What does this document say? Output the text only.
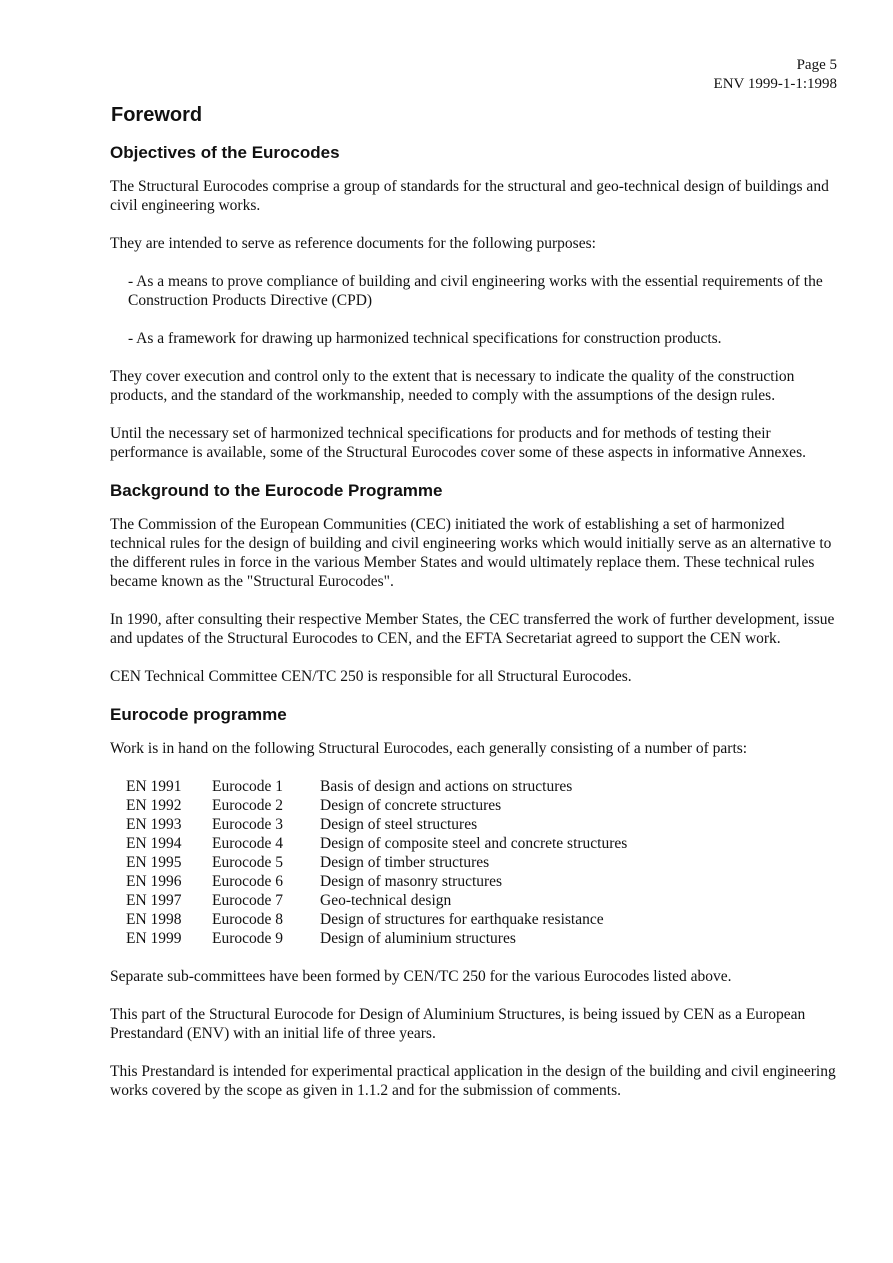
Page 5
ENV 1999-1-1:1998
Foreword
Objectives of the Eurocodes

The Structural Eurocodes comprise a group of standards for the structural and geo-technical design of buildings and civil engineering works.

They are intended to serve as reference documents for the following purposes:

- As a means to prove compliance of building and civil engineering works with the essential requirements of the Construction Products Directive (CPD)
- As a framework for drawing up harmonized technical specifications for construction products.

They cover execution and control only to the extent that is necessary to indicate the quality of the construction products, and the standard of the workmanship, needed to comply with the assumptions of the design rules.

Until the necessary set of harmonized technical specifications for products and for methods of testing their performance is available, some of the Structural Eurocodes cover some of these aspects in informative Annexes.

Background to the Eurocode Programme

The Commission of the European Communities (CEC) initiated the work of establishing a set of harmonized technical rules for the design of building and civil engineering works which would initially serve as an alternative to the different rules in force in the various Member States and would ultimately replace them. These technical rules became known as the "Structural Eurocodes".

In 1990, after consulting their respective Member States, the CEC transferred the work of further development, issue and updates of the Structural Eurocodes to CEN, and the EFTA Secretariat agreed to support the CEN work.

CEN Technical Committee CEN/TC 250 is responsible for all Structural Eurocodes.

Eurocode programme

Work is in hand on the following Structural Eurocodes, each generally consisting of a number of parts:

EN 1991	Eurocode 1	Basis of design and actions on structures
EN 1992	Eurocode 2	Design of concrete structures
EN 1993	Eurocode 3	Design of steel structures
EN 1994	Eurocode 4	Design of composite steel and concrete structures
EN 1995	Eurocode 5	Design of timber structures
EN 1996	Eurocode 6	Design of masonry structures
EN 1997	Eurocode 7	Geo-technical design
EN 1998	Eurocode 8	Design of structures for earthquake resistance
EN 1999	Eurocode 9	Design of aluminium structures

Separate sub-committees have been formed by CEN/TC 250 for the various Eurocodes listed above.

This part of the Structural Eurocode for Design of Aluminium Structures, is being issued by CEN as a European Prestandard (ENV) with an initial life of three years.

This Prestandard is intended for experimental practical application in the design of the building and civil engineering works covered by the scope as given in 1.1.2 and for the submission of comments.
